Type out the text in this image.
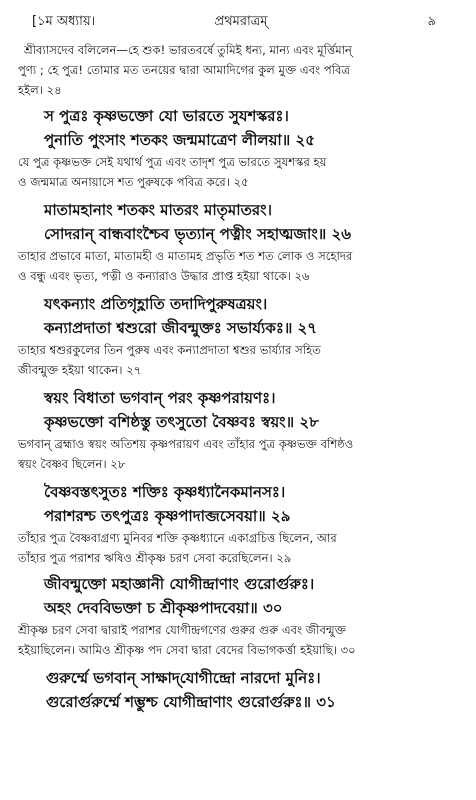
[১ম অধ্যায়।	প্রথমরাত্রম্‌	৯

শ্রীব্যাসদেব বলিলেন—হে শুক! ভারতবর্ষে তুমিই ধন্য, মান্য এবং মূর্ত্তিমান্‌

পুণ্য ; হে পুত্র! তোমার মত তনয়ের দ্বারা আমাদিগের কুল মুক্ত এবং পবিত্র

হইল। ২৪

স পুত্রঃ কৃষ্ণভক্তো যো ভারতে সুযশস্করঃ।

পুনাতি পুংসাং শতকং জন্মমাত্রেণ লীলয়া॥ ২৫

যে পুত্র কৃষ্ণভক্ত সেই যথার্থ পুত্র এবং তাদৃশ পুত্র ভারতে সুযশস্কর হয়

ও জন্মমাত্র অনায়াসে শত পুরুষকে পবিত্র করে। ২৫

মাতামহানাং শতকং মাতরং মাতৃমাতরং।

সোদরান্‌ বান্ধবাংশ্চৈব ভৃত্যান্‌ পত্নীং সহাত্মজাং॥ ২৬

তাহার প্রভাবে মাতা, মাতামহী ও মাতামহ প্রভৃতি শত শত লোক ও সহোদর

ও বন্ধু এবং ভৃত্য, পত্নী ও কন্যারাও উদ্ধার প্রাপ্ত হইয়া থাকে। ২৬

যৎকন্যাং প্রতিগৃহ্ণাতি তদাদিপুরুষত্রয়ং।

কন্যাপ্রদাতা শ্বশুরো জীবন্মুক্তঃ সভার্য্যকঃ॥ ২৭

তাহার শ্বশুরকুলের তিন পুরুষ এবং কন্যাপ্রদাতা শ্বশুর ভার্য্যার সহিত

জীবন্মুক্ত হইয়া থাকেন। ২৭

স্বয়ং বিধাতা ভগবান্‌ পরং কৃষ্ণপরায়ণঃ।

কৃষ্ণভক্তো বশিষ্ঠস্তু তৎসুতো বৈষ্ণবঃ স্বয়ং॥ ২৮

ভগবান্‌ ব্রহ্মাও স্বয়ং অতিশয় কৃষ্ণপরায়ণ এবং তাঁহার পুত্র কৃষ্ণভক্ত বশিষ্ঠও

স্বয়ং বৈষ্ণব ছিলেন। ২৮

বৈষ্ণবস্তৎসুতঃ শক্তিঃ কৃষ্ণধ্যানৈকমানসঃ।

পরাশরশ্চ তৎপুত্রঃ কৃষ্ণপাদাব্জসেবয়া॥ ২৯

তাঁহার পুত্র বৈষ্ণবাগ্রণ্য মুনিবর শক্তি কৃষ্ণধ্যানে একাগ্রচিত্ত ছিলেন, আর

তাঁহার পুত্র পরাশর ঋষিও শ্রীকৃষ্ণ চরণ সেবা করেছিলেন। ২৯

জীবন্মুক্তো মহাজ্ঞানী যোগীন্দ্রাণাং গুরোর্গুরুঃ।

অহং দেববিভক্তা চ শ্রীকৃষ্ণপাদবেয়া॥ ৩০

শ্রীকৃষ্ণ চরণ সেবা দ্বারাই পরাশর যোগীন্দ্রগণের গুরুর গুরু এবং জীবন্মুক্ত

হইয়াছিলেন। আমিও শ্রীকৃষ্ণ পদ সেবা দ্বারা বেদের বিভাগকর্ত্তা হইয়াছি। ৩০

গুরুর্ম্মে ভগবান্‌ সাক্ষাদ্‌যোগীন্দ্রো নারদো মুনিঃ।

গুরোর্গুরুর্ম্মে শম্ভুশ্চ যোগীন্দ্রাণাং গুরোর্গুরুঃ॥ ৩১
